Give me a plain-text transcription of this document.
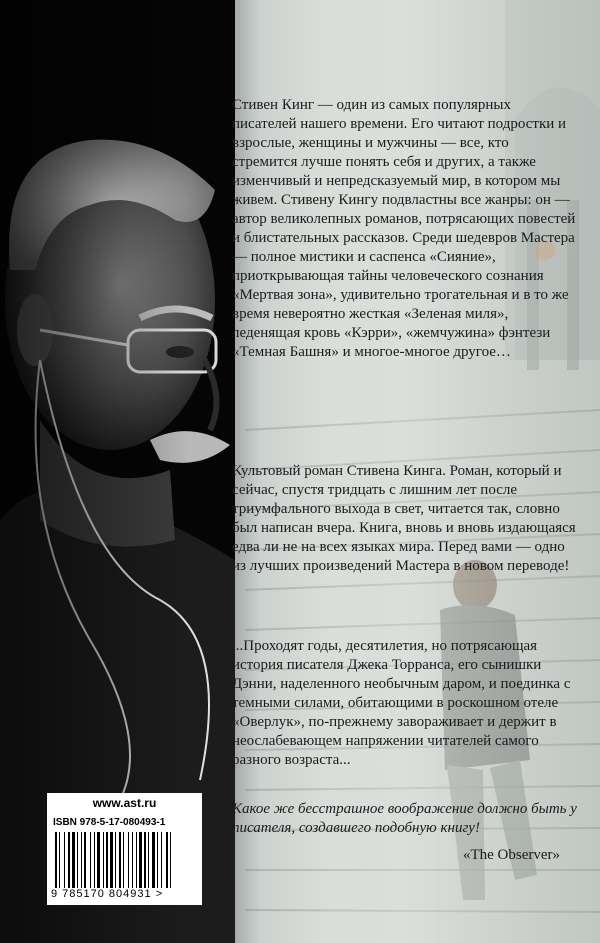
Стивен Кинг — один из самых популярных писателей нашего времени. Его читают подростки и взрослые, женщины и мужчины — все, кто стремится лучше понять себя и других, а также изменчивый и непредсказуемый мир, в котором мы живем. Стивену Кингу подвластны все жанры: он — автор великолепных романов, потрясающих повестей и блистательных рассказов. Среди шедевров Мастера — полное мистики и саспенса «Сияние», приоткрывающая тайны человеческого сознания «Мертвая зона», удивительно трогательная и в то же время невероятно жесткая «Зеленая миля», леденящая кровь «Кэрри», «жемчужина» фэнтези «Темная Башня» и многое-многое другое…

Культовый роман Стивена Кинга. Роман, который и сейчас, спустя тридцать с лишним лет после триумфального выхода в свет, читается так, словно был написан вчера. Книга, вновь и вновь издающаяся едва ли не на всех языках мира. Перед вами — одно из лучших произведений Мастера в новом переводе!

...Проходят годы, десятилетия, но потрясающая история писателя Джека Торранса, его сынишки Дэнни, наделенного необычным даром, и поединка с темными силами, обитающими в роскошном отеле «Оверлук», по-прежнему завораживает и держит в неослабевающем напряжении читателей самого разного возраста...

Какое же бесстрашное воображение должно быть у писателя, создавшего подобную книгу!

«The Observer»
www.ast.ru
ISBN 978-5-17-080493-1
9 785170 804931 >
